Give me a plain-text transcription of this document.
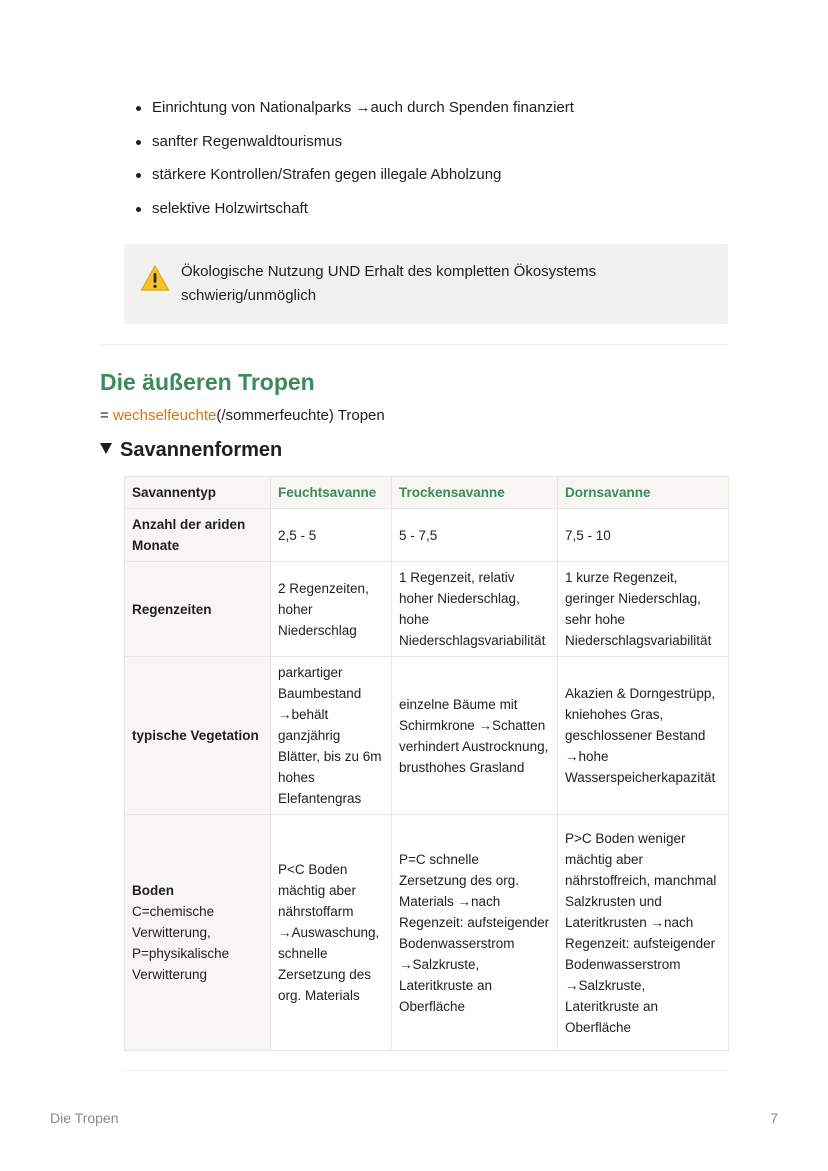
Einrichtung von Nationalparks →auch durch Spenden finanziert
sanfter Regenwaldtourismus
stärkere Kontrollen/Strafen gegen illegale Abholzung
selektive Holzwirtschaft
Ökologische Nutzung UND Erhalt des kompletten Ökosystems
schwierig/unmöglich
Die äußeren Tropen
= wechselfeuchte(/sommerfeuchte) Tropen
Savannenformen
Savannentyp	Feuchtsavanne	Trockensavanne	Dornsavanne
Anzahl der ariden Monate	2,5 - 5	5 - 7,5	7,5 - 10
Regenzeiten	2 Regenzeiten, hoher Niederschlag	1 Regenzeit, relativ hoher Niederschlag, hohe Niederschlagsvariabilität	1 kurze Regenzeit, geringer Niederschlag, sehr hohe Niederschlagsvariabilität
typische Vegetation	parkartiger Baumbestand →behält ganzjährig Blätter, bis zu 6m hohes Elefantengras	einzelne Bäume mit Schirmkrone →Schatten verhindert Austrocknung, brusthohes Grasland	Akazien & Dorngestrüpp, kniehohes Gras, geschlossener Bestand →hohe Wasserspeicherkapazität

Boden
C=chemische Verwitterung, P=physikalische Verwitterung	P<C Boden mächtig aber nährstoffarm →Auswaschung, schnelle Zersetzung des org. Materials	P=C schnelle Zersetzung des org. Materials →nach Regenzeit: aufsteigender Bodenwasserstrom →Salzkruste, Lateritkruste an Oberfläche	P>C Boden weniger mächtig aber nährstoffreich, manchmal Salzkrusten und Lateritkrusten →nach Regenzeit: aufsteigender Bodenwasserstrom →Salzkruste, Lateritkruste an Oberfläche
Die Tropen	7
